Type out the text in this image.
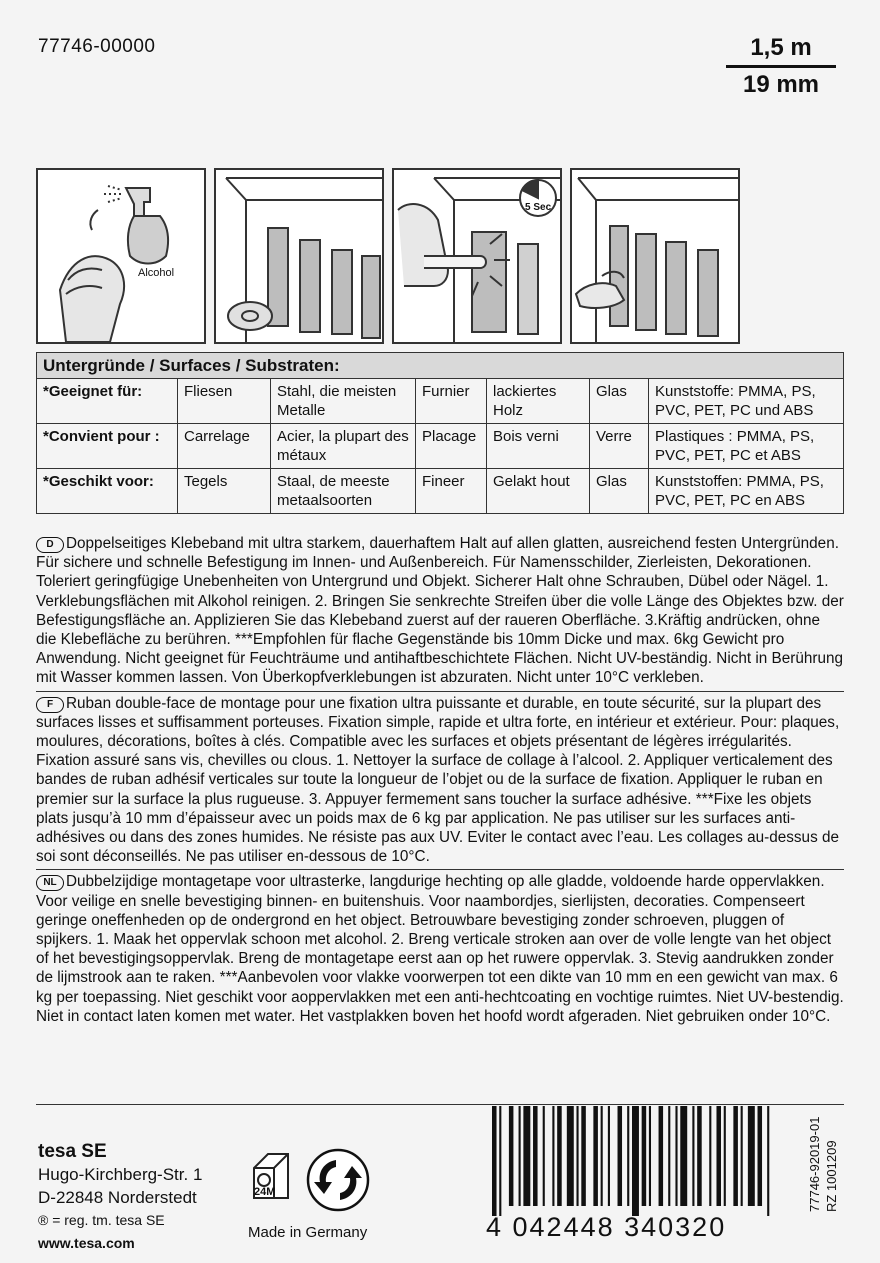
77746-00000	1,5 m
19 mm
Alcohol
5 Sec
Untergründe / Surfaces / Substraten:						
*Geeignet für:	Fliesen	Stahl, die meisten Metalle	Furnier	lackiertes Holz	Glas	Kunststoffe: PMMA, PS, PVC, PET, PC und ABS
*Convient pour :	Carrelage	Acier, la plupart des métaux	Placage	Bois verni	Verre	Plastiques : PMMA, PS, PVC, PET, PC et ABS
*Geschikt voor:	Tegels	Staal, de meeste metaalsoorten	Fineer	Gelakt hout	Glas	Kunststoffen: PMMA, PS, PVC, PET, PC en ABS
D Doppelseitiges Klebeband mit ultra starkem, dauerhaftem Halt auf allen glatten, ausreichend festen Untergründen. Für sichere und schnelle Befestigung im Innen- und Außenbereich. Für Namensschilder, Zierleisten, Dekorationen. Toleriert geringfügige Unebenheiten von Untergrund und Objekt. Sicherer Halt ohne Schrauben, Dübel oder Nägel. 1. Verklebungsflächen mit Alkohol reinigen. 2. Bringen Sie senkrechte Streifen über die volle Länge des Objektes bzw. der Befestigungsfläche an. Applizieren Sie das Klebeband zuerst auf der raueren Oberfläche. 3.Kräftig andrücken, ohne die Klebefläche zu berühren. ***Empfohlen für flache Gegenstände bis 10mm Dicke und max. 6kg Gewicht pro Anwendung. Nicht geeignet für Feuchträume und antihaftbeschichtete Flächen. Nicht UV-beständig. Nicht in Berührung mit Wasser kommen lassen. Von Überkopfverklebungen ist abzuraten. Nicht unter 10°C verkleben.
F Ruban double-face de montage pour une fixation ultra puissante et durable, en toute sécurité, sur la plupart des surfaces lisses et suffisamment porteuses. Fixation simple, rapide et ultra forte, en intérieur et extérieur. Pour: plaques, moulures, décorations, boîtes à clés. Compatible avec les surfaces et objets présentant de légères irrégularités. Fixation assuré sans vis, chevilles ou clous. 1. Nettoyer la surface de collage à l’alcool. 2. Appliquer verticalement des bandes de ruban adhésif verticales sur toute la longueur de l’objet ou de la surface de fixation. Appliquer le ruban en premier sur la surface la plus rugueuse. 3. Appuyer fermement sans toucher la surface adhésive. ***Fixe les objets plats jusqu’à 10 mm d’épaisseur avec un poids max de 6 kg par application. Ne pas utiliser sur les surfaces anti-adhésives ou dans des zones humides. Ne résiste pas aux UV. Eviter le contact avec l’eau. Les collages au-dessus de soi sont déconseillés. Ne pas utiliser en-dessous de 10°C.
NL Dubbelzijdige montagetape voor ultrasterke, langdurige hechting op alle gladde, voldoende harde oppervlakken. Voor veilige en snelle bevestiging binnen- en buitenshuis. Voor naambordjes, sierlijsten, decoraties. Compenseert geringe oneffenheden op de ondergrond en het object. Betrouwbare bevestiging zonder schroeven, pluggen of spijkers. 1. Maak het oppervlak schoon met alcohol. 2. Breng verticale stroken aan over de volle lengte van het object of het bevestigingsoppervlak. Breng de montagetape eerst aan op het ruwere oppervlak. 3. Stevig aandrukken zonder de lijmstrook aan te raken. ***Aanbevolen voor vlakke voorwerpen tot een dikte van 10 mm en een gewicht van max. 6 kg per toepassing. Niet geschikt voor aoppervlakken met een anti-hechtcoating en vochtige ruimtes. Niet UV-bestendig. Niet in contact laten komen met water. Het vastplakken boven het hoofd wordt afgeraden. Niet gebruiken onder 10°C.
tesa SE
Hugo-Kirchberg-Str. 1
D-22848 Norderstedt
® = reg. tm. tesa SE
www.tesa.com
24M
Made in Germany	4 042448 340320
77746-92019-01 RZ 1001209
